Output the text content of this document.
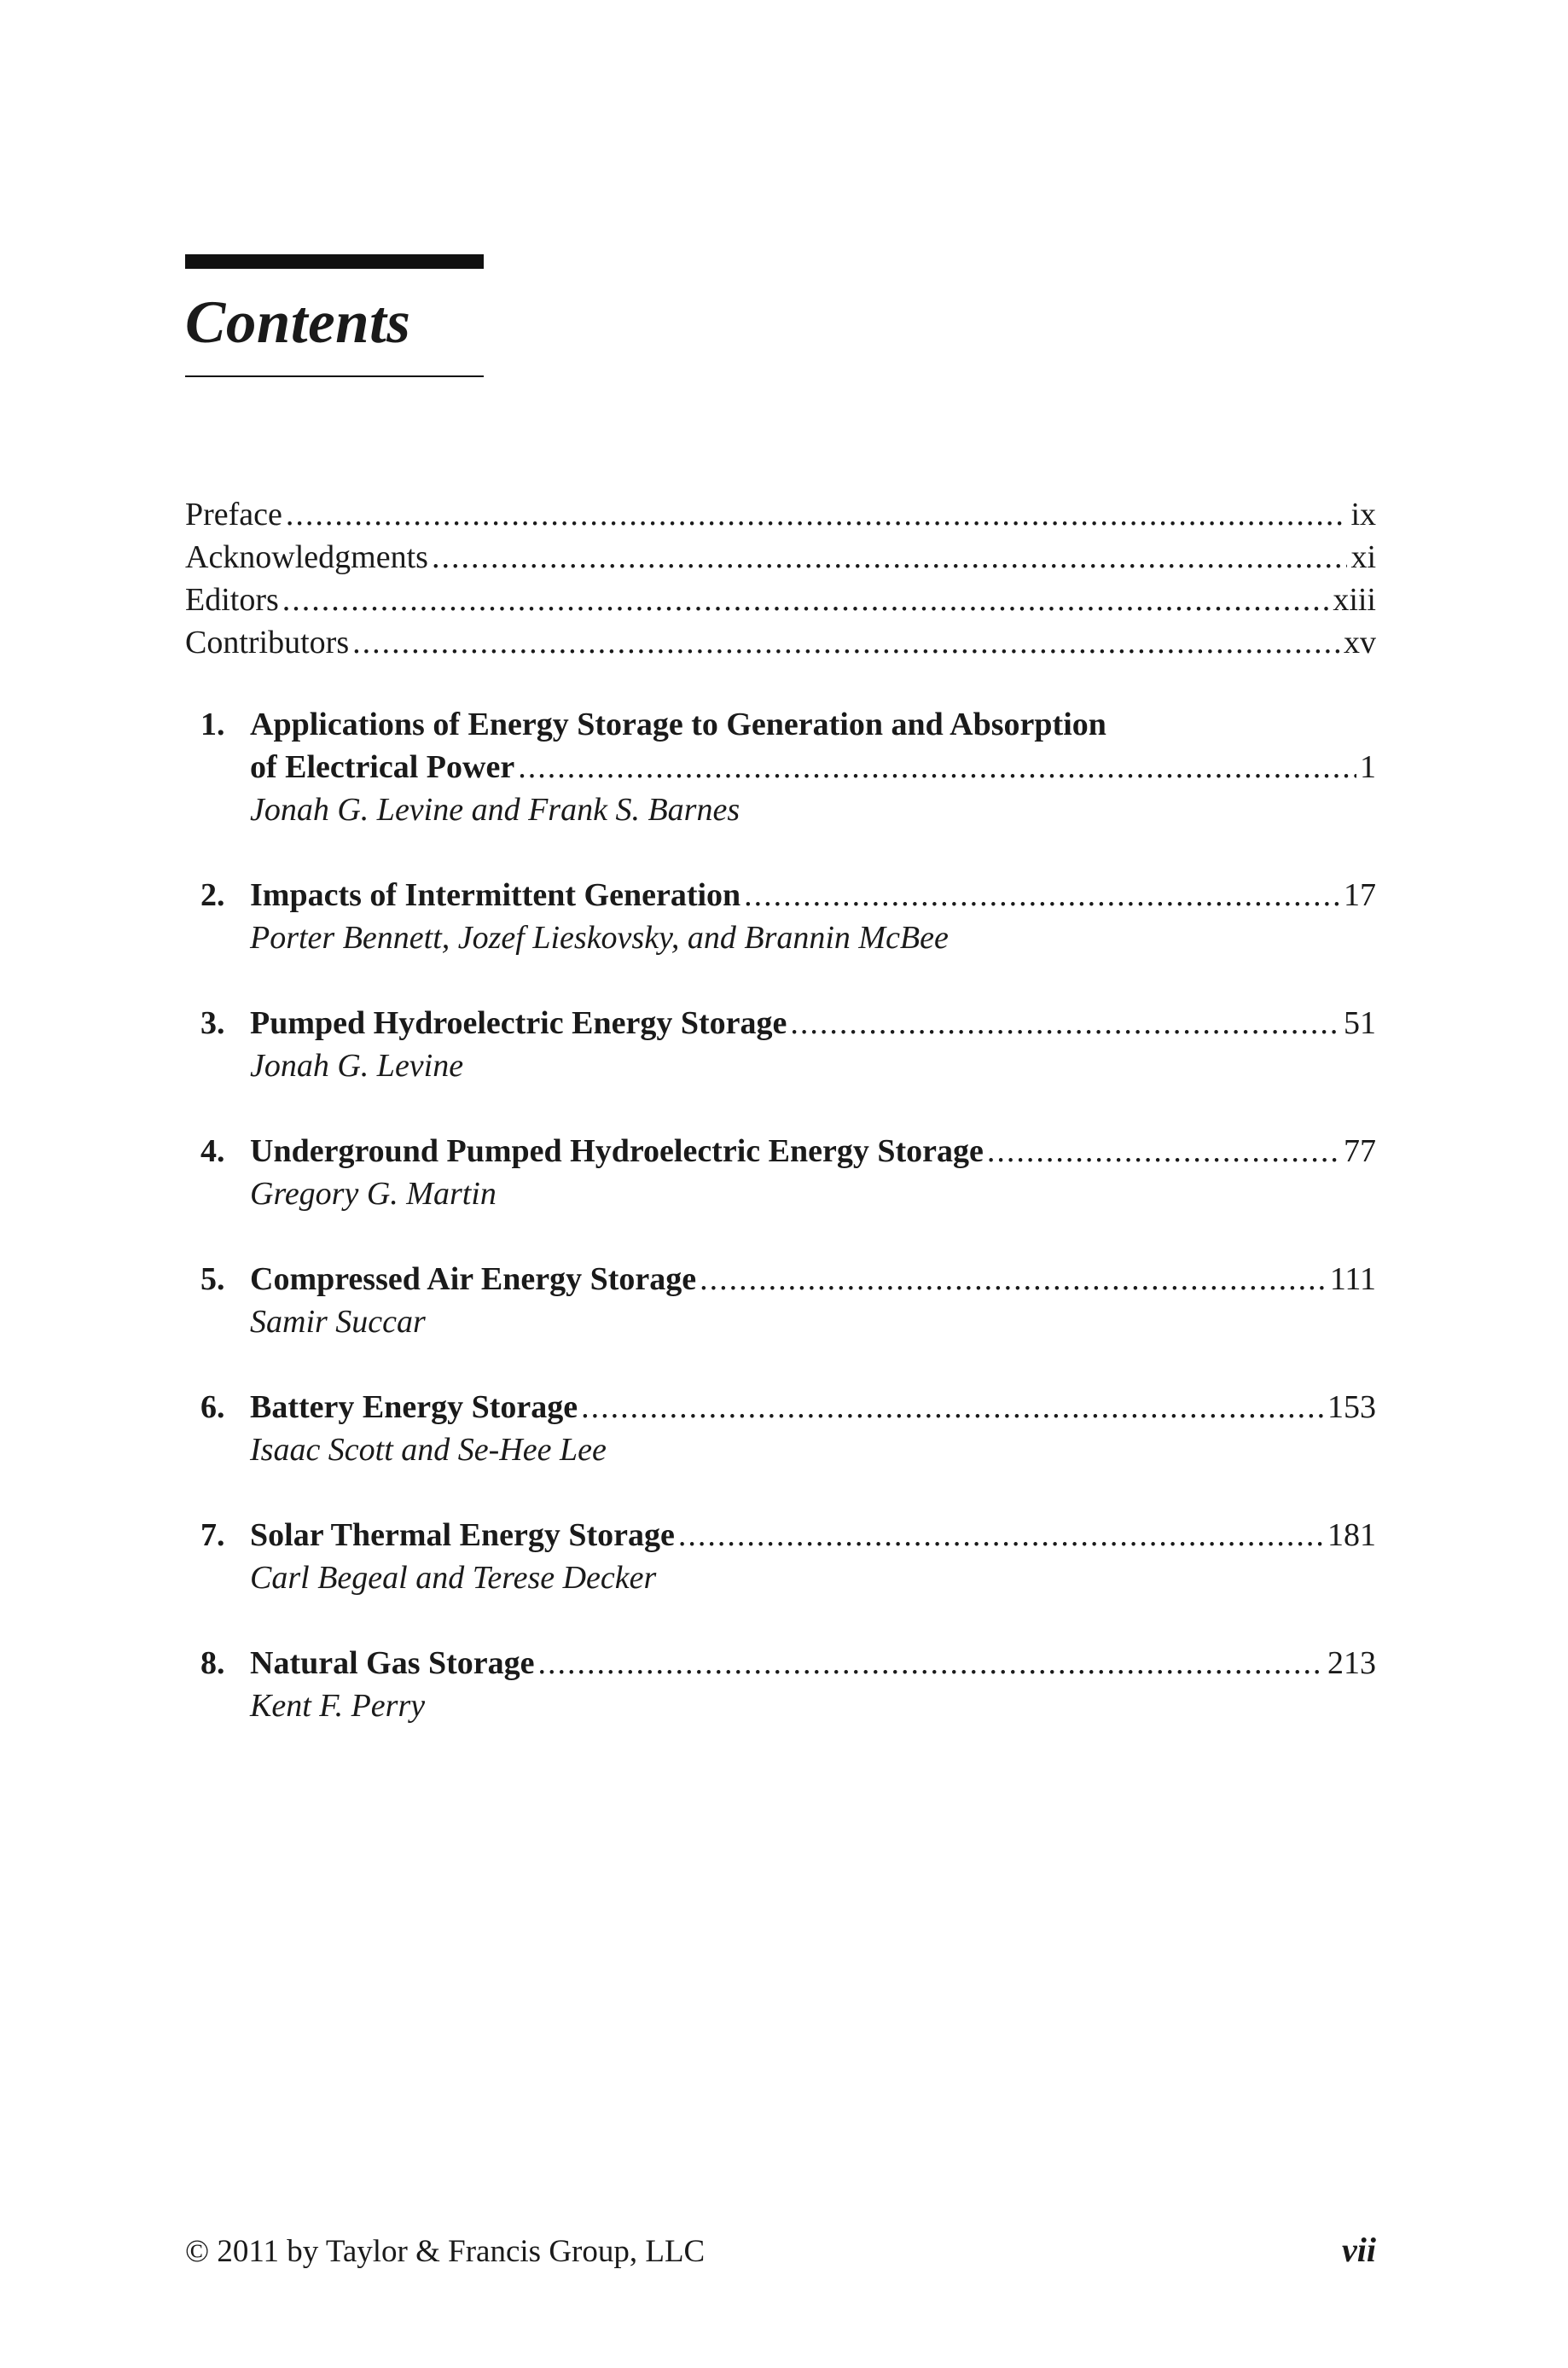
Contents
Preface .....	ix
Acknowledgments .....	xi
Editors .....	xiii
Contributors .....	xv
1. Applications of Energy Storage to Generation and Absorption
of Electrical Power .....	1
Jonah G. Levine and Frank S. Barnes
2. Impacts of Intermittent Generation .....	17
Porter Bennett, Jozef Lieskovsky, and Brannin McBee
3. Pumped Hydroelectric Energy Storage .....	51
Jonah G. Levine
4. Underground Pumped Hydroelectric Energy Storage .....	77
Gregory G. Martin
5. Compressed Air Energy Storage .....	111
Samir Succar
6. Battery Energy Storage .....	153
Isaac Scott and Se-Hee Lee
7. Solar Thermal Energy Storage .....	181
Carl Begeal and Terese Decker
8. Natural Gas Storage .....	213
Kent F. Perry
© 2011 by Taylor & Francis Group, LLC	vii
